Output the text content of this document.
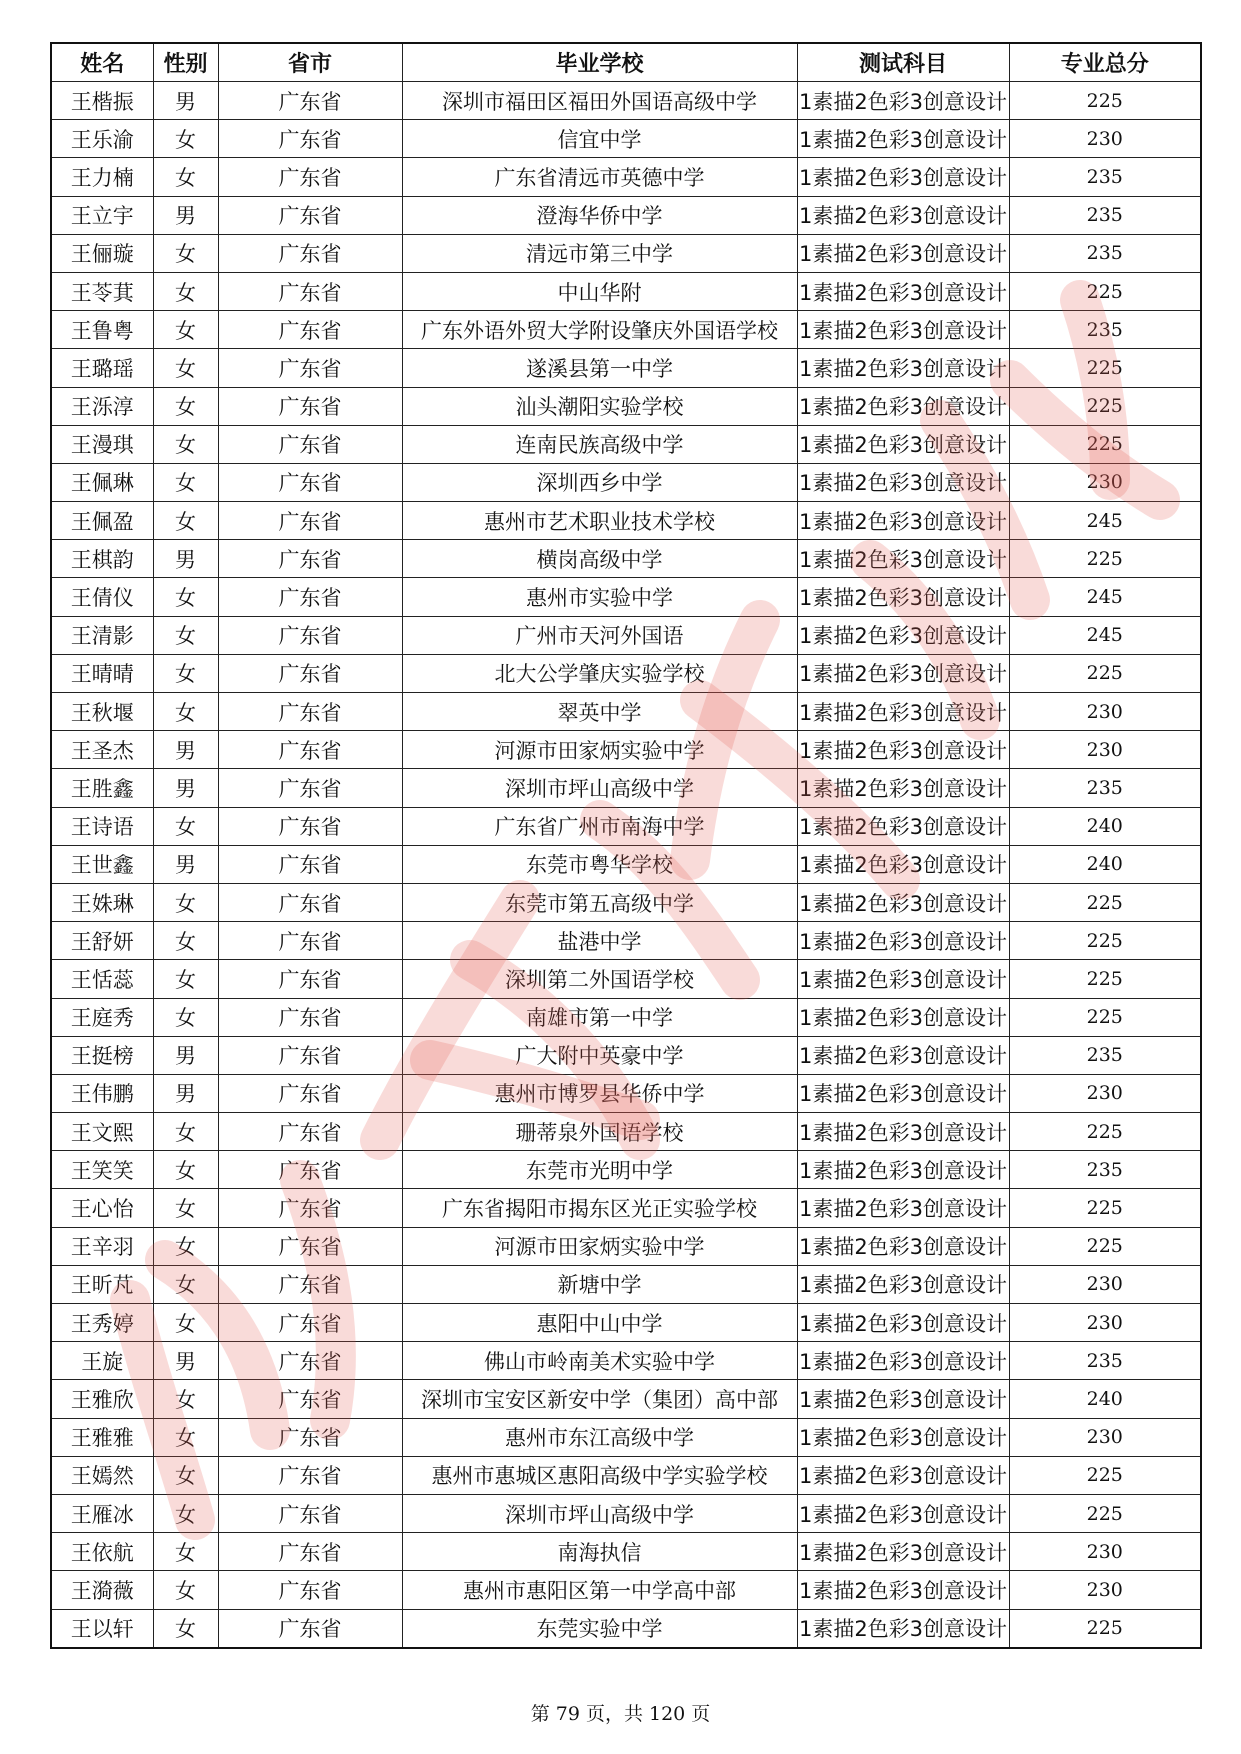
姓名	性别	省市	毕业学校	测试科目	专业总分
王楷振	男	广东省	深圳市福田区福田外国语高级中学	1素描2色彩3创意设计	225
王乐渝	女	广东省	信宜中学	1素描2色彩3创意设计	230
王力楠	女	广东省	广东省清远市英德中学	1素描2色彩3创意设计	235
王立宇	男	广东省	澄海华侨中学	1素描2色彩3创意设计	235
王俪璇	女	广东省	清远市第三中学	1素描2色彩3创意设计	235
王苓萁	女	广东省	中山华附	1素描2色彩3创意设计	225
王鲁粤	女	广东省	广东外语外贸大学附设肇庆外国语学校	1素描2色彩3创意设计	235
王璐瑶	女	广东省	遂溪县第一中学	1素描2色彩3创意设计	225
王泺淳	女	广东省	汕头潮阳实验学校	1素描2色彩3创意设计	225
王漫琪	女	广东省	连南民族高级中学	1素描2色彩3创意设计	225
王佩琳	女	广东省	深圳西乡中学	1素描2色彩3创意设计	230
王佩盈	女	广东省	惠州市艺术职业技术学校	1素描2色彩3创意设计	245
王棋韵	男	广东省	横岗高级中学	1素描2色彩3创意设计	225
王倩仪	女	广东省	惠州市实验中学	1素描2色彩3创意设计	245
王清影	女	广东省	广州市天河外国语	1素描2色彩3创意设计	245
王晴晴	女	广东省	北大公学肇庆实验学校	1素描2色彩3创意设计	225
王秋堰	女	广东省	翠英中学	1素描2色彩3创意设计	230
王圣杰	男	广东省	河源市田家炳实验中学	1素描2色彩3创意设计	230
王胜鑫	男	广东省	深圳市坪山高级中学	1素描2色彩3创意设计	235
王诗语	女	广东省	广东省广州市南海中学	1素描2色彩3创意设计	240
王世鑫	男	广东省	东莞市粤华学校	1素描2色彩3创意设计	240
王姝琳	女	广东省	东莞市第五高级中学	1素描2色彩3创意设计	225
王舒妍	女	广东省	盐港中学	1素描2色彩3创意设计	225
王恬蕊	女	广东省	深圳第二外国语学校	1素描2色彩3创意设计	225
王庭秀	女	广东省	南雄市第一中学	1素描2色彩3创意设计	225
王挺榜	男	广东省	广大附中英豪中学	1素描2色彩3创意设计	235
王伟鹏	男	广东省	惠州市博罗县华侨中学	1素描2色彩3创意设计	230
王文熙	女	广东省	珊蒂泉外国语学校	1素描2色彩3创意设计	225
王笑笑	女	广东省	东莞市光明中学	1素描2色彩3创意设计	235
王心怡	女	广东省	广东省揭阳市揭东区光正实验学校	1素描2色彩3创意设计	225
王辛羽	女	广东省	河源市田家炳实验中学	1素描2色彩3创意设计	225
王昕芃	女	广东省	新塘中学	1素描2色彩3创意设计	230
王秀婷	女	广东省	惠阳中山中学	1素描2色彩3创意设计	230
王旋	男	广东省	佛山市岭南美术实验中学	1素描2色彩3创意设计	235
王雅欣	女	广东省	深圳市宝安区新安中学（集团）高中部	1素描2色彩3创意设计	240
王雅雅	女	广东省	惠州市东江高级中学	1素描2色彩3创意设计	230
王嫣然	女	广东省	惠州市惠城区惠阳高级中学实验学校	1素描2色彩3创意设计	225
王雁冰	女	广东省	深圳市坪山高级中学	1素描2色彩3创意设计	225
王依航	女	广东省	南海执信	1素描2色彩3创意设计	230
王漪薇	女	广东省	惠州市惠阳区第一中学高中部	1素描2色彩3创意设计	230
王以轩	女	广东省	东莞实验中学	1素描2色彩3创意设计	225
第 79 页，共 120 页
